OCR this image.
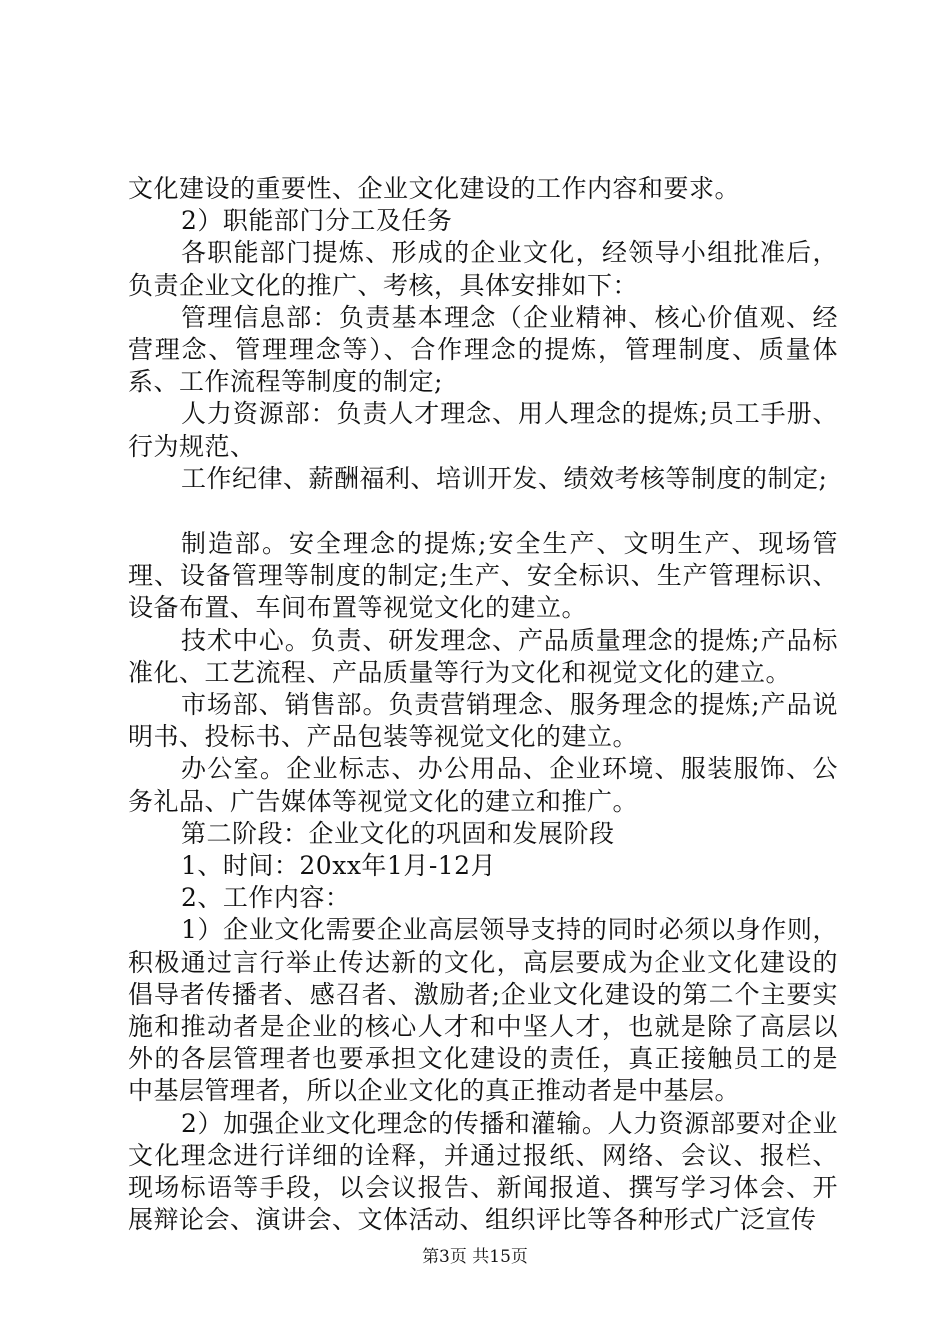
文化建设的重要性、企业文化建设的工作内容和要求。

2）职能部门分工及任务

各职能部门提炼、形成的企业文化，经领导小组批准后，负责企业文化的推广、考核，具体安排如下：

管理信息部：负责基本理念（企业精神、核心价值观、经营理念、管理理念等）、合作理念的提炼，管理制度、质量体系、工作流程等制度的制定;

人力资源部：负责人才理念、用人理念的提炼;员工手册、行为规范、

工作纪律、薪酬福利、培训开发、绩效考核等制度的制定;

制造部。安全理念的提炼;安全生产、文明生产、现场管理、设备管理等制度的制定;生产、安全标识、生产管理标识、设备布置、车间布置等视觉文化的建立。

技术中心。负责、研发理念、产品质量理念的提炼;产品标准化、工艺流程、产品质量等行为文化和视觉文化的建立。

市场部、销售部。负责营销理念、服务理念的提炼;产品说明书、投标书、产品包装等视觉文化的建立。

办公室。企业标志、办公用品、企业环境、服装服饰、公务礼品、广告媒体等视觉文化的建立和推广。

第二阶段：企业文化的巩固和发展阶段

1、时间：20xx年1月-12月

2、工作内容：

1）企业文化需要企业高层领导支持的同时必须以身作则，积极通过言行举止传达新的文化，高层要成为企业文化建设的倡导者传播者、感召者、激励者;企业文化建设的第二个主要实施和推动者是企业的核心人才和中坚人才，也就是除了高层以外的各层管理者也要承担文化建设的责任，真正接触员工的是中基层管理者，所以企业文化的真正推动者是中基层。

2）加强企业文化理念的传播和灌输。人力资源部要对企业文化理念进行详细的诠释，并通过报纸、网络、会议、报栏、现场标语等手段，以会议报告、新闻报道、撰写学习体会、开展辩论会、演讲会、文体活动、组织评比等各种形式广泛宣传

第3页 共15页
